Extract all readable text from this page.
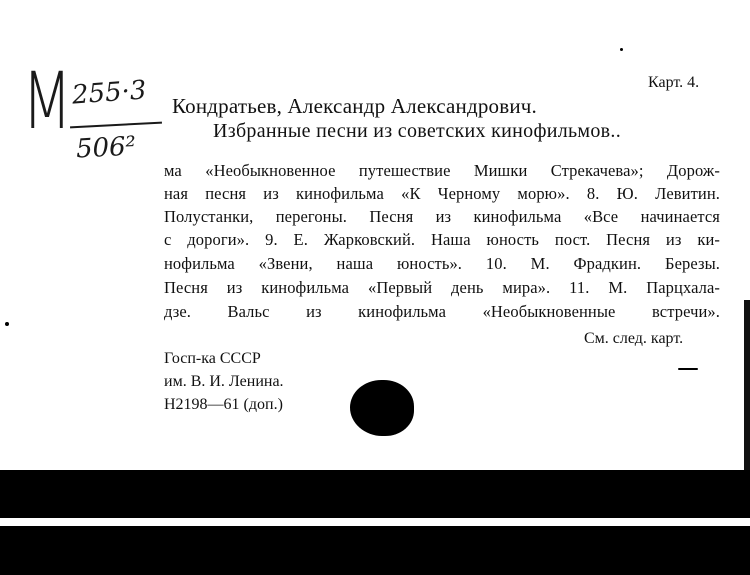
Карт. 4.
M
255·3
506²
Кондратьев, Александр Александрович.
Избранные песни из советских кинофильмов..
ма «Необыкновенное путешествие Мишки Стрекачева»; Дорож-
ная песня из кинофильма «К Черному морю». 8. Ю. Левитин.
Полустанки, перегоны. Песня из кинофильма «Все начинается
с дороги». 9. Е. Жарковский. Наша юность пост. Песня из ки-
нофильма «Звени, наша юность». 10. М. Фрадкин. Березы.
Песня из кинофильма «Первый день мира». 11. М. Парцхала-
дзе. Вальс из кинофильма «Необыкновенные встречи».
См. след. карт.
Госп-ка СССР
им. В. И. Ленина.
Н2198—61 (доп.)
